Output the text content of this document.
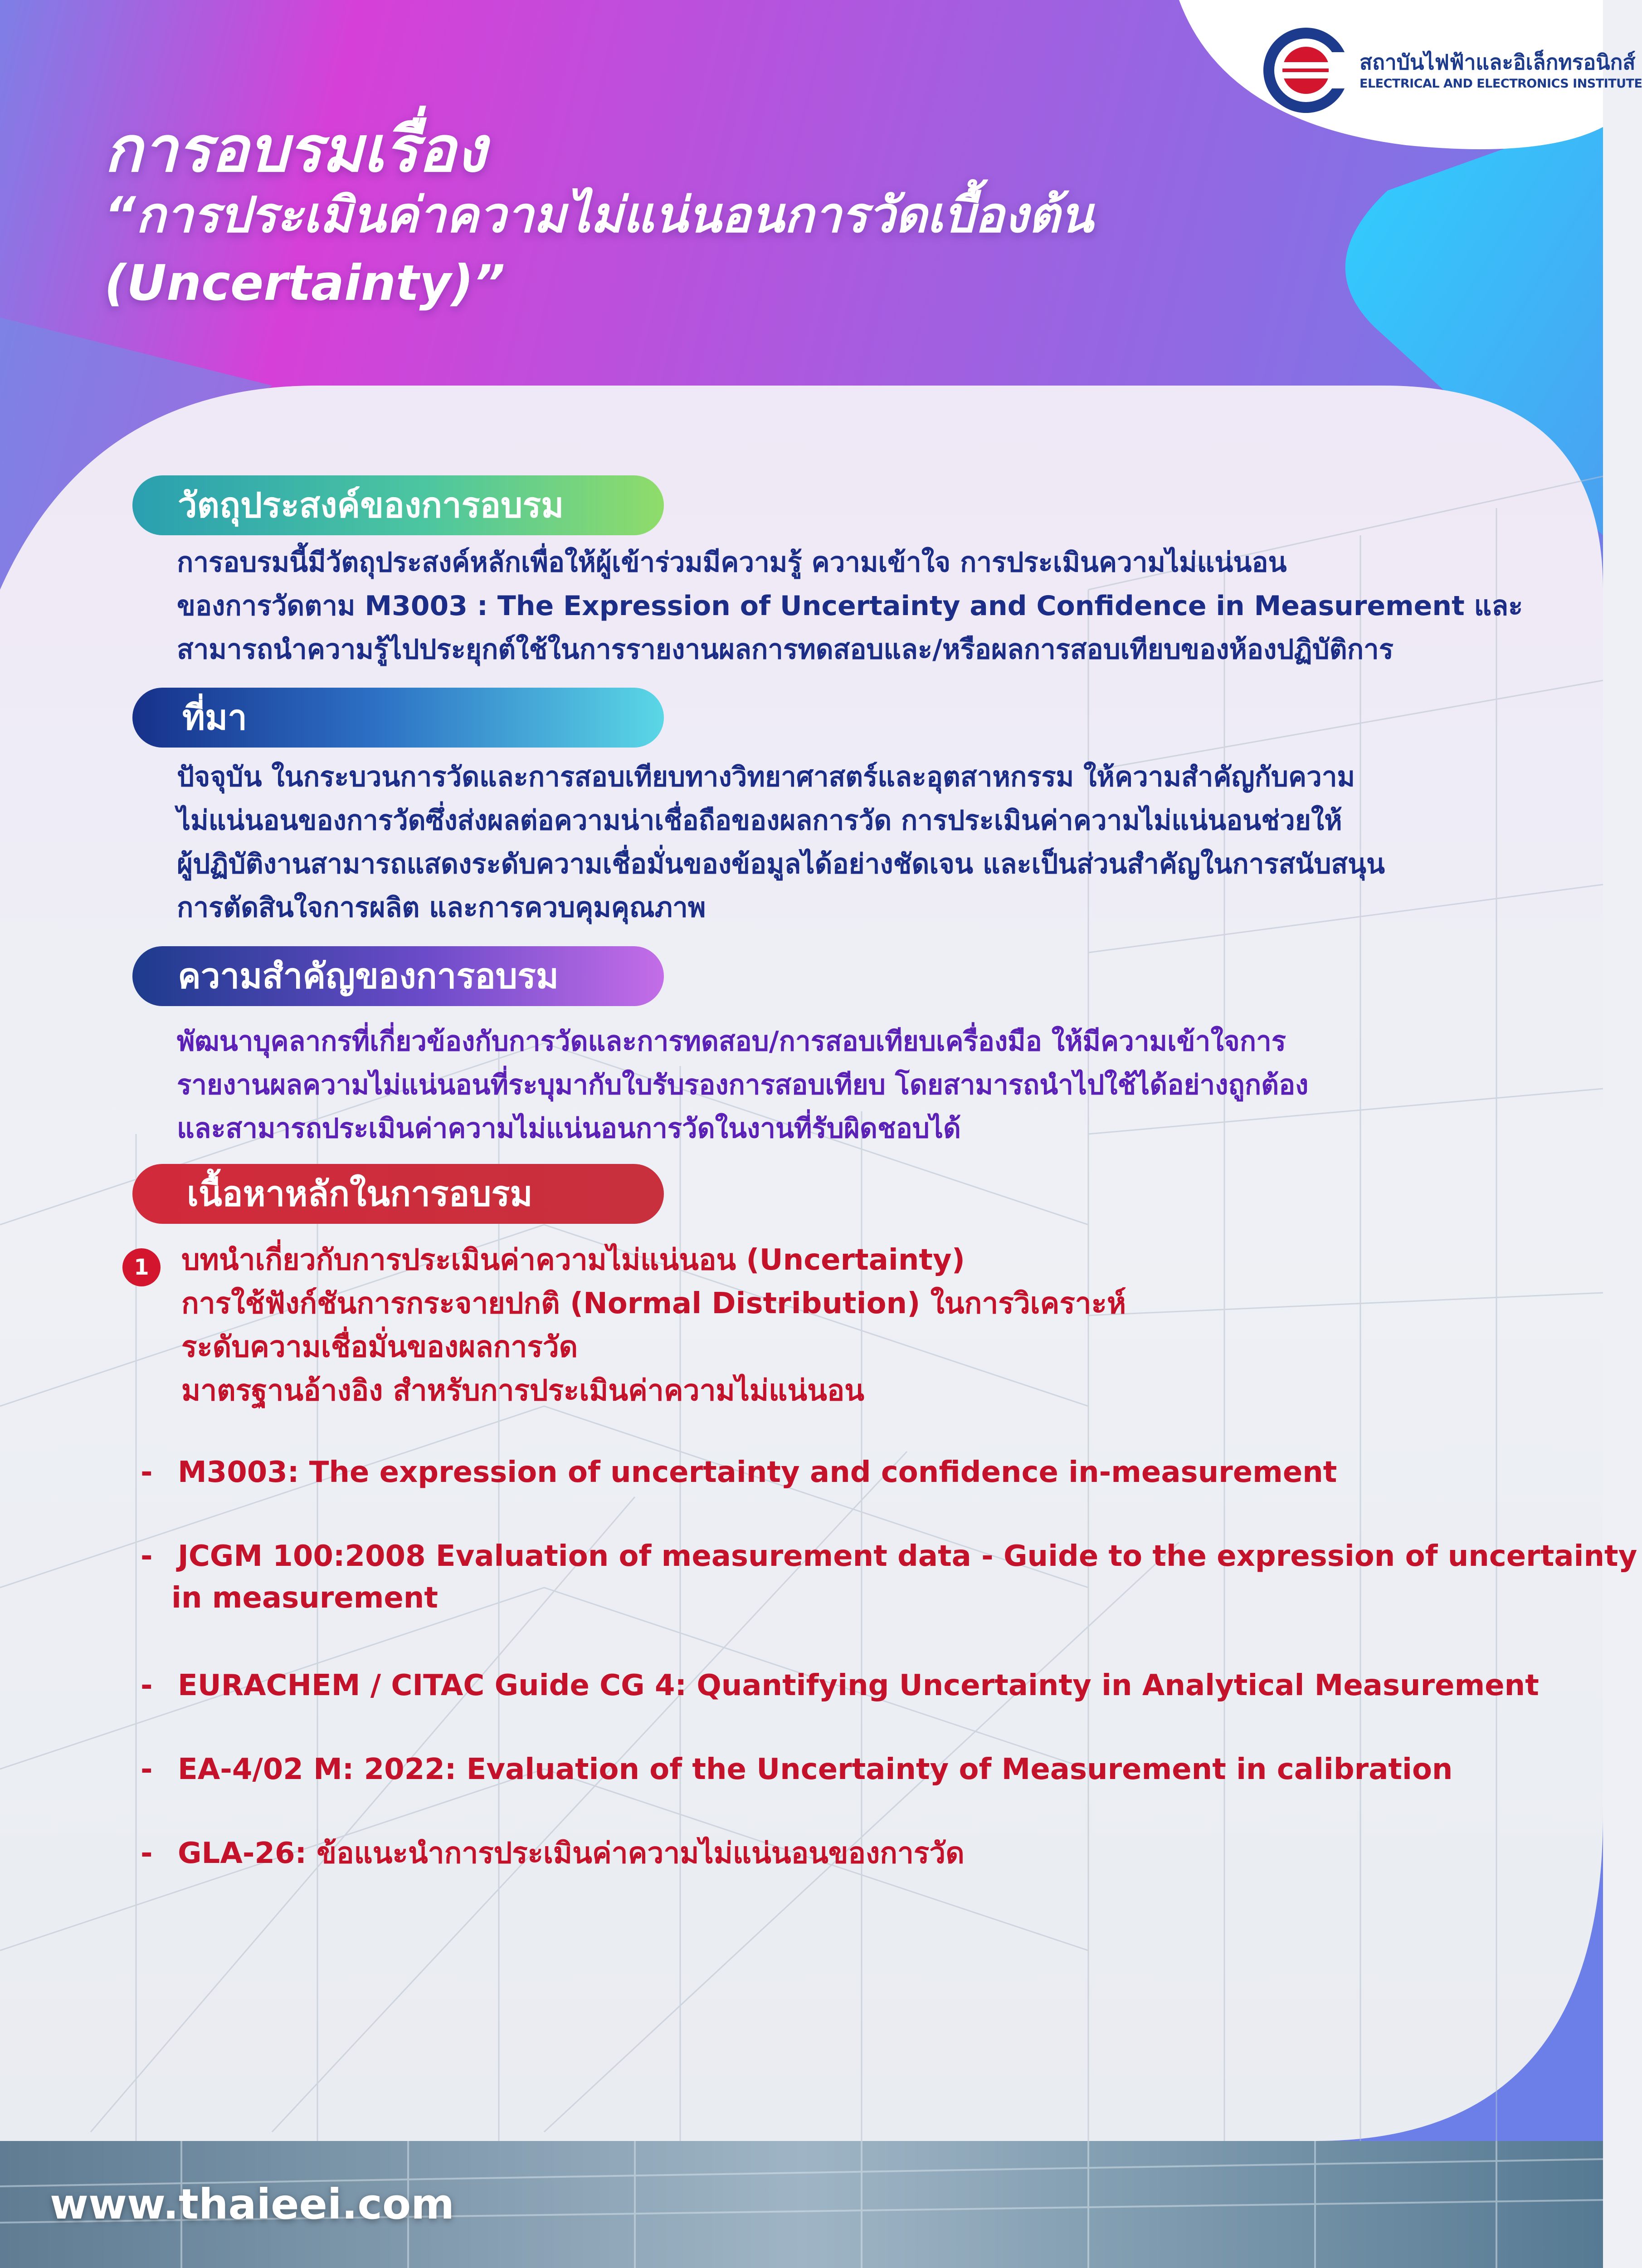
สถาบันไฟฟ้าและอิเล็กทรอนิกส์
ELECTRICAL AND ELECTRONICS INSTITUTE
การอบรมเรื่อง
“การประเมินค่าความไม่แน่นอนการวัดเบื้องต้น
(Uncertainty)”
วัตถุประสงค์ของการอบรม
การอบรมนี้มีวัตถุประสงค์หลักเพื่อให้ผู้เข้าร่วมมีความรู้ ความเข้าใจ การประเมินความไม่แน่นอน
ของการวัดตาม M3003 : The Expression of Uncertainty and Confidence in Measurement และ
สามารถนำความรู้ไปประยุกต์ใช้ในการรายงานผลการทดสอบและ/หรือผลการสอบเทียบของห้องปฏิบัติการ
ที่มา
ปัจจุบัน ในกระบวนการวัดและการสอบเทียบทางวิทยาศาสตร์และอุตสาหกรรม ให้ความสำคัญกับความ
ไม่แน่นอนของการวัดซึ่งส่งผลต่อความน่าเชื่อถือของผลการวัด การประเมินค่าความไม่แน่นอนช่วยให้
ผู้ปฏิบัติงานสามารถแสดงระดับความเชื่อมั่นของข้อมูลได้อย่างชัดเจน และเป็นส่วนสำคัญในการสนับสนุน
การตัดสินใจการผลิต และการควบคุมคุณภาพ
ความสำคัญของการอบรม
พัฒนาบุคลากรที่เกี่ยวข้องกับการวัดและการทดสอบ/การสอบเทียบเครื่องมือ ให้มีความเข้าใจการ
รายงานผลความไม่แน่นอนที่ระบุมากับใบรับรองการสอบเทียบ โดยสามารถนำไปใช้ได้อย่างถูกต้อง
และสามารถประเมินค่าความไม่แน่นอนการวัดในงานที่รับผิดชอบได้
เนื้อหาหลักในการอบรม
1	บทนำเกี่ยวกับการประเมินค่าความไม่แน่นอน (Uncertainty)
การใช้ฟังก์ชันการกระจายปกติ (Normal Distribution) ในการวิเคราะห์
ระดับความเชื่อมั่นของผลการวัด
มาตรฐานอ้างอิง สำหรับการประเมินค่าความไม่แน่นอน
- M3003: The expression of uncertainty and confidence in-measurement
- JCGM 100:2008 Evaluation of measurement data - Guide to the expression of uncertainty
in measurement
- EURACHEM / CITAC Guide CG 4: Quantifying Uncertainty in Analytical Measurement
- EA-4/02 M: 2022: Evaluation of the Uncertainty of Measurement in calibration
- GLA-26: ข้อแนะนำการประเมินค่าความไม่แน่นอนของการวัด
www.thaieei.com
